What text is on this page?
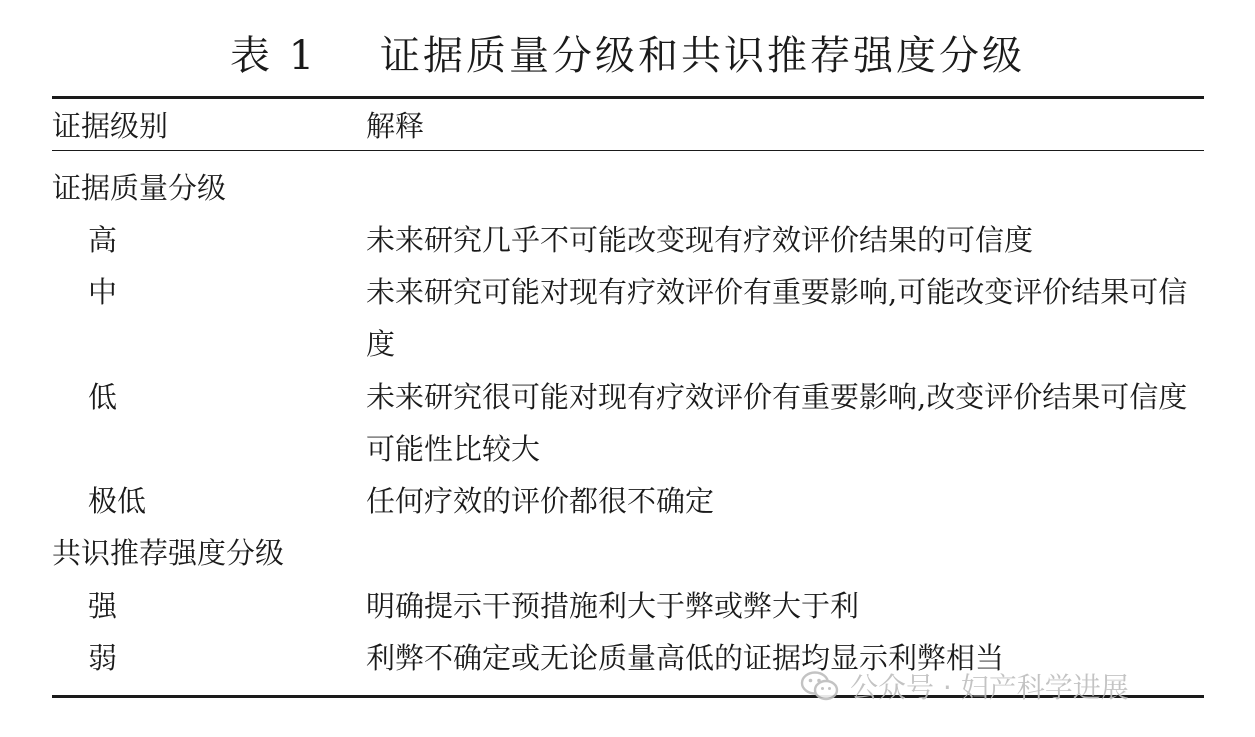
表 1    证据质量分级和共识推荐强度分级
证据级别	解释
证据质量分级
高	未来研究几乎不可能改变现有疗效评价结果的可信度
中	未来研究可能对现有疗效评价有重要影响,可能改变评价结果可信度
低	未来研究很可能对现有疗效评价有重要影响,改变评价结果可信度可能性比较大
极低	任何疗效的评价都很不确定
共识推荐强度分级
强	明确提示干预措施利大于弊或弊大于利
弱	利弊不确定或无论质量高低的证据均显示利弊相当
公众号 · 妇产科学进展
